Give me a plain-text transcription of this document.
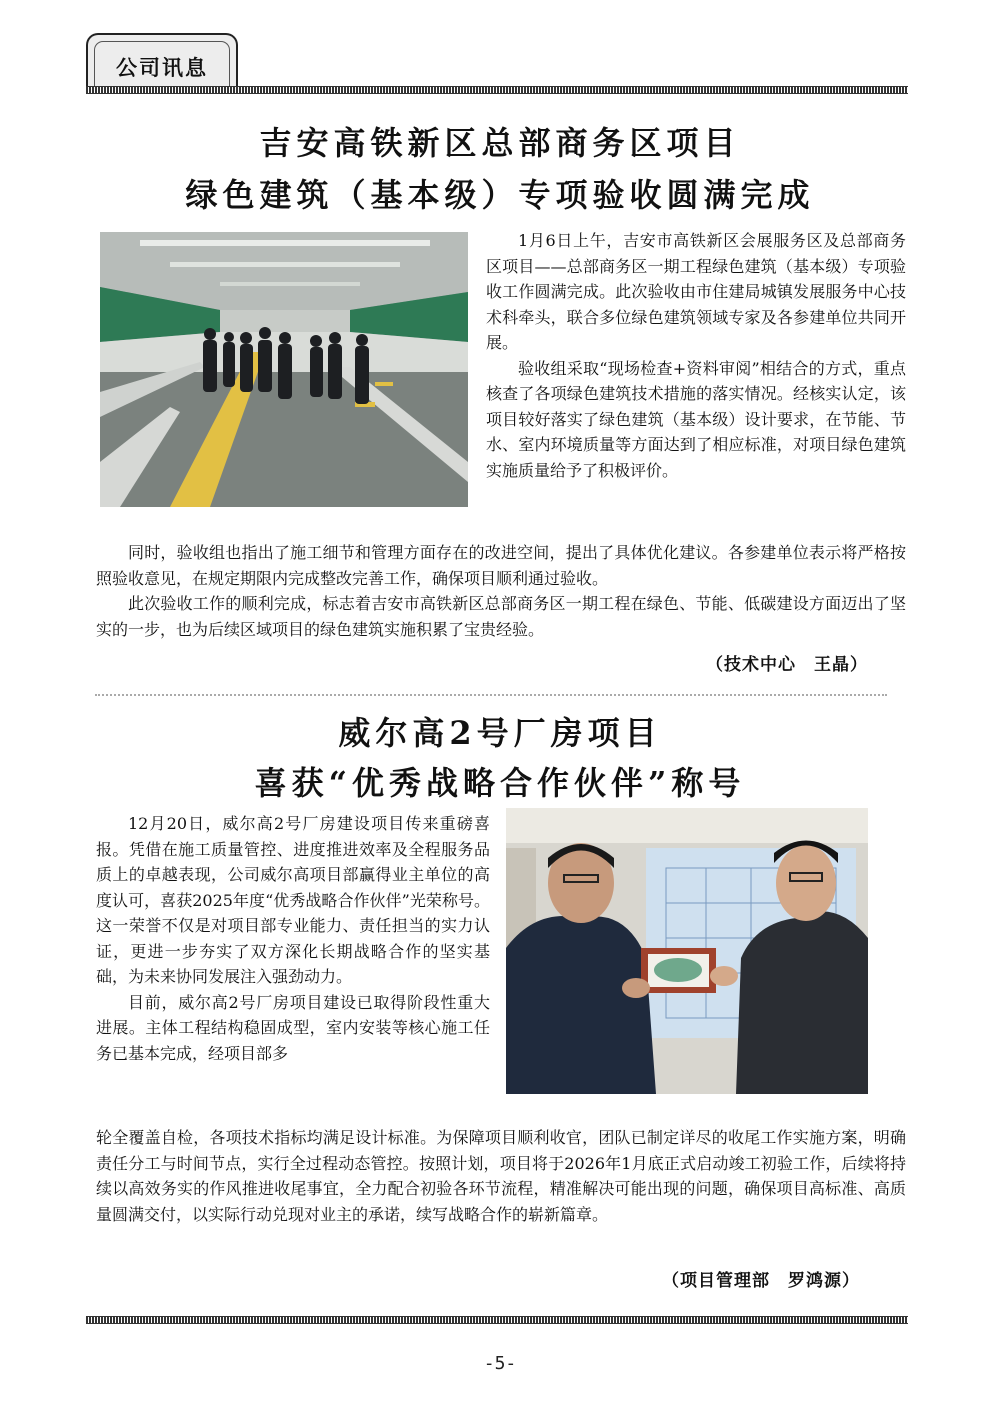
公司讯息
吉安高铁新区总部商务区项目
绿色建筑（基本级）专项验收圆满完成

1月6日上午，吉安市高铁新区会展服务区及总部商务区项目——总部商务区一期工程绿色建筑（基本级）专项验收工作圆满完成。此次验收由市住建局城镇发展服务中心技术科牵头，联合多位绿色建筑领域专家及各参建单位共同开展。

验收组采取“现场检查+资料审阅”相结合的方式，重点核查了各项绿色建筑技术措施的落实情况。经核实认定，该项目较好落实了绿色建筑（基本级）设计要求，在节能、节水、室内环境质量等方面达到了相应标准，对项目绿色建筑实施质量给予了积极评价。

同时，验收组也指出了施工细节和管理方面存在的改进空间，提出了具体优化建议。各参建单位表示将严格按照验收意见，在规定期限内完成整改完善工作，确保项目顺利通过验收。

此次验收工作的顺利完成，标志着吉安市高铁新区总部商务区一期工程在绿色、节能、低碳建设方面迈出了坚实的一步，也为后续区域项目的绿色建筑实施积累了宝贵经验。

（技术中心　王晶）
威尔高2号厂房项目
喜获“优秀战略合作伙伴”称号

12月20日，威尔高2号厂房建设项目传来重磅喜报。凭借在施工质量管控、进度推进效率及全程服务品质上的卓越表现，公司威尔高项目部赢得业主单位的高度认可，喜获2025年度“优秀战略合作伙伴”光荣称号。这一荣誉不仅是对项目部专业能力、责任担当的实力认证，更进一步夯实了双方深化长期战略合作的坚实基础，为未来协同发展注入强劲动力。

目前，威尔高2号厂房项目建设已取得阶段性重大进展。主体工程结构稳固成型，室内安装等核心施工任务已基本完成，经项目部多

轮全覆盖自检，各项技术指标均满足设计标准。为保障项目顺利收官，团队已制定详尽的收尾工作实施方案，明确责任分工与时间节点，实行全过程动态管控。按照计划，项目将于2026年1月底正式启动竣工初验工作，后续将持续以高效务实的作风推进收尾事宜，全力配合初验各环节流程，精准解决可能出现的问题，确保项目高标准、高质量圆满交付，以实际行动兑现对业主的承诺，续写战略合作的崭新篇章。

（项目管理部　罗鸿源）
-5-
